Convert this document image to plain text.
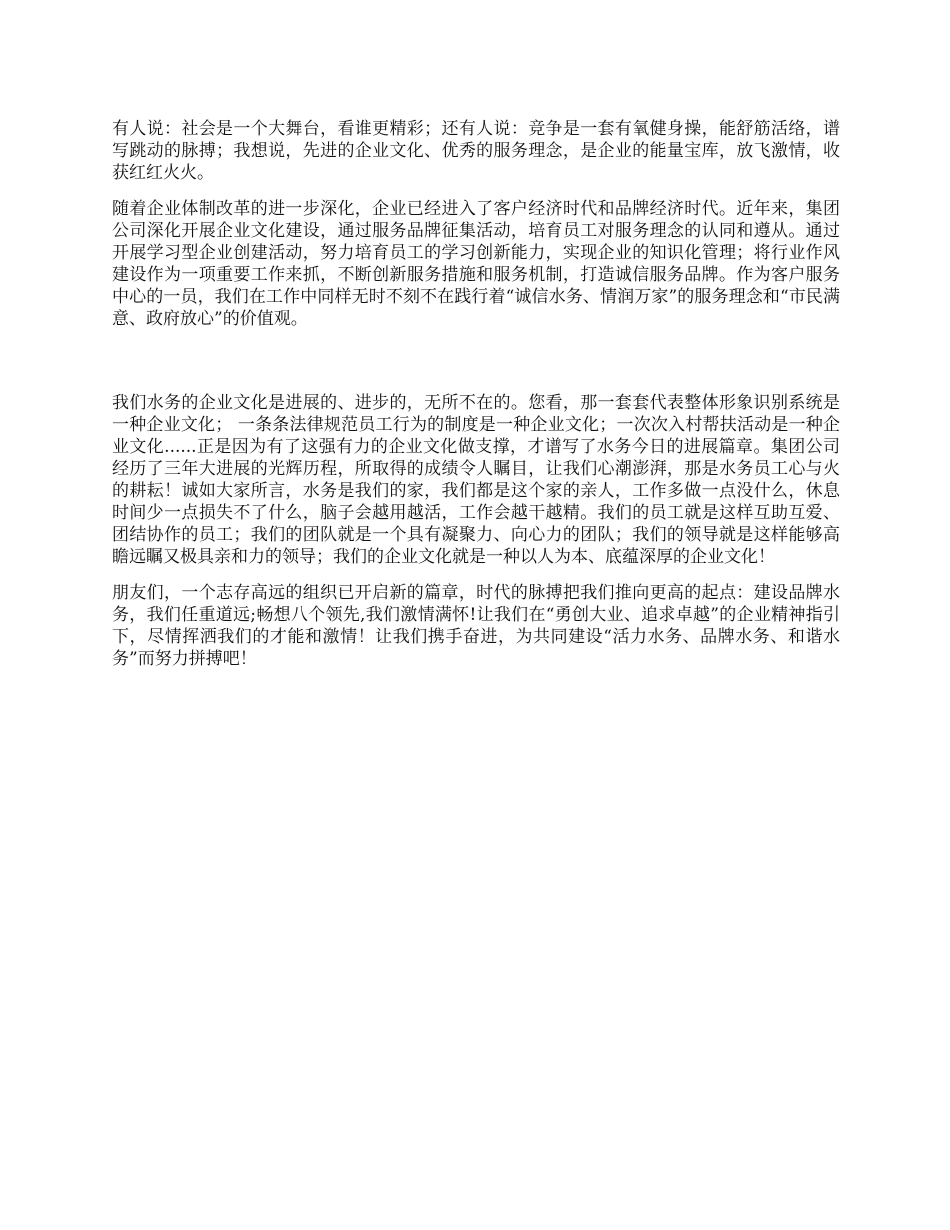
有人说：社会是一个大舞台，看谁更精彩；还有人说：竞争是一套有氧健身操，能舒筋活络，谱写跳动的脉搏；我想说，先进的企业文化、优秀的服务理念，是企业的能量宝库，放飞激情，收获红红火火。

随着企业体制改革的进一步深化，企业已经进入了客户经济时代和品牌经济时代。近年来，集团公司深化开展企业文化建设，通过服务品牌征集活动，培育员工对服务理念的认同和遵从。通过开展学习型企业创建活动，努力培育员工的学习创新能力，实现企业的知识化管理；将行业作风建设作为一项重要工作来抓，不断创新服务措施和服务机制，打造诚信服务品牌。作为客户服务中心的一员，我们在工作中同样无时不刻不在践行着“诚信水务、情润万家”的服务理念和“市民满意、政府放心”的价值观。

我们水务的企业文化是进展的、进步的，无所不在的。您看，那一套套代表整体形象识别系统是一种企业文化； 一条条法律规范员工行为的制度是一种企业文化；一次次入村帮扶活动是一种企业文化......正是因为有了这强有力的企业文化做支撑，才谱写了水务今日的进展篇章。集团公司经历了三年大进展的光辉历程，所取得的成绩令人瞩目，让我们心潮澎湃，那是水务员工心与火的耕耘！诚如大家所言，水务是我们的家，我们都是这个家的亲人，工作多做一点没什么，休息时间少一点损失不了什么，脑子会越用越活，工作会越干越精。我们的员工就是这样互助互爱、团结协作的员工；我们的团队就是一个具有凝聚力、向心力的团队；我们的领导就是这样能够高瞻远瞩又极具亲和力的领导；我们的企业文化就是一种以人为本、底蕴深厚的企业文化！

朋友们，一个志存高远的组织已开启新的篇章，时代的脉搏把我们推向更高的起点：建设品牌水务，我们任重道远;畅想八个领先,我们激情满怀!让我们在“勇创大业、追求卓越”的企业精神指引下，尽情挥洒我们的才能和激情！让我们携手奋进，为共同建设“活力水务、品牌水务、和谐水务”而努力拼搏吧！
